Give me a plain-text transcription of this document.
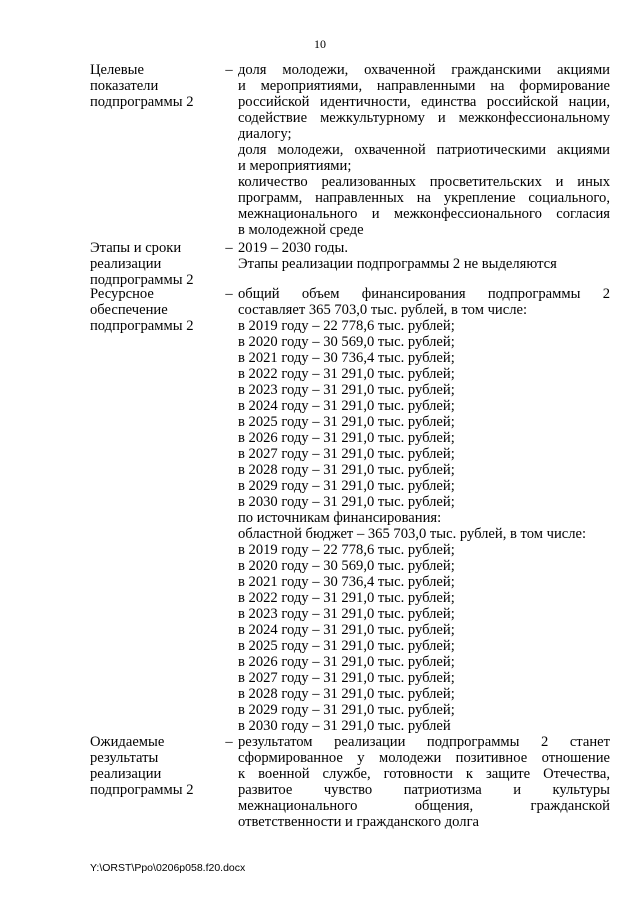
10
Целевые
показатели
подпрограммы 2
– доля молодежи, охваченной гражданскими акциями
и мероприятиями, направленными на формирование
российской идентичности, единства российской нации,
содействие межкультурному и межконфессиональному
диалогу;
доля молодежи, охваченной патриотическими акциями
и мероприятиями;
количество реализованных просветительских и иных
программ, направленных на укрепление социального,
межнационального и межконфессионального согласия
в молодежной среде
Этапы и сроки
реализации
подпрограммы 2
– 2019 – 2030 годы.
Этапы реализации подпрограммы 2 не выделяются
Ресурсное
обеспечение
подпрограммы 2
– общий объем финансирования подпрограммы 2
составляет 365 703,0 тыс. рублей, в том числе:
в 2019 году – 22 778,6 тыс. рублей;
в 2020 году – 30 569,0 тыс. рублей;
в 2021 году – 30 736,4 тыс. рублей;
в 2022 году – 31 291,0 тыс. рублей;
в 2023 году – 31 291,0 тыс. рублей;
в 2024 году – 31 291,0 тыс. рублей;
в 2025 году – 31 291,0 тыс. рублей;
в 2026 году – 31 291,0 тыс. рублей;
в 2027 году – 31 291,0 тыс. рублей;
в 2028 году – 31 291,0 тыс. рублей;
в 2029 году – 31 291,0 тыс. рублей;
в 2030 году – 31 291,0 тыс. рублей;
по источникам финансирования:
областной бюджет – 365 703,0 тыс. рублей, в том числе:
в 2019 году – 22 778,6 тыс. рублей;
в 2020 году – 30 569,0 тыс. рублей;
в 2021 году – 30 736,4 тыс. рублей;
в 2022 году – 31 291,0 тыс. рублей;
в 2023 году – 31 291,0 тыс. рублей;
в 2024 году – 31 291,0 тыс. рублей;
в 2025 году – 31 291,0 тыс. рублей;
в 2026 году – 31 291,0 тыс. рублей;
в 2027 году – 31 291,0 тыс. рублей;
в 2028 году – 31 291,0 тыс. рублей;
в 2029 году – 31 291,0 тыс. рублей;
в 2030 году – 31 291,0 тыс. рублей
Ожидаемые
результаты
реализации
подпрограммы 2
– результатом реализации подпрограммы 2 станет
сформированное у молодежи позитивное отношение
к военной службе, готовности к защите Отечества,
развитое чувство патриотизма и культуры
межнационального общения, гражданской
ответственности и гражданского долга
Y:\ORST\Ppo\0206p058.f20.docx
